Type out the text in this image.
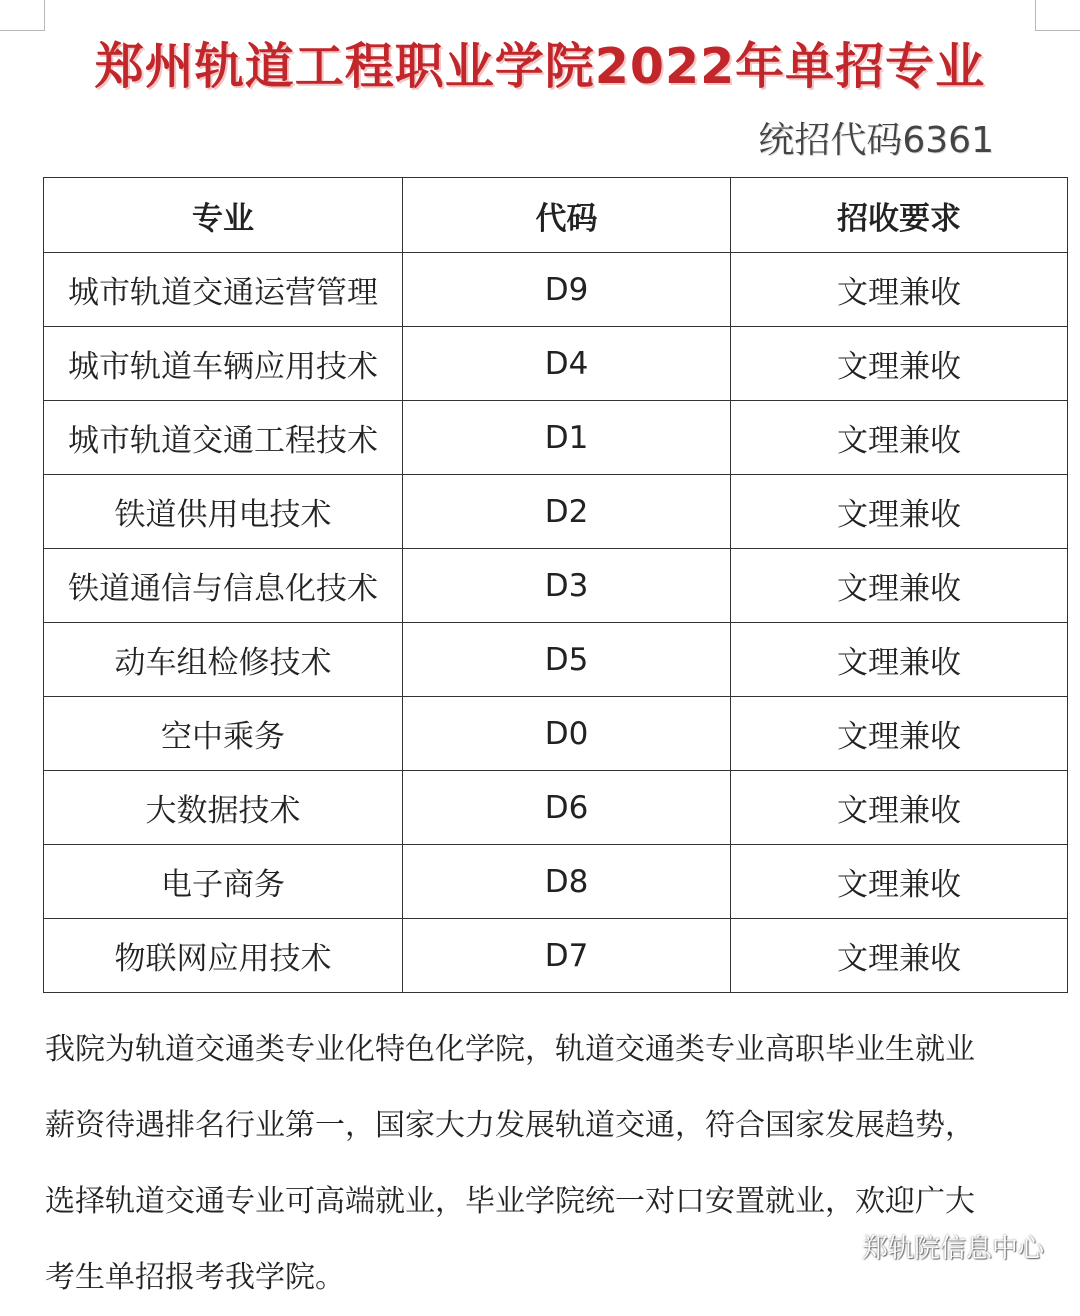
郑州轨道工程职业学院2022年单招专业
统招代码6361
专业	代码	招收要求
城市轨道交通运营管理	D9	文理兼收
城市轨道车辆应用技术	D4	文理兼收
城市轨道交通工程技术	D1	文理兼收
铁道供用电技术	D2	文理兼收
铁道通信与信息化技术	D3	文理兼收
动车组检修技术	D5	文理兼收
空中乘务	D0	文理兼收
大数据技术	D6	文理兼收
电子商务	D8	文理兼收
物联网应用技术	D7	文理兼收
我院为轨道交通类专业化特色化学院，轨道交通类专业高职毕业生就业
薪资待遇排名行业第一，国家大力发展轨道交通，符合国家发展趋势，
选择轨道交通专业可高端就业，毕业学院统一对口安置就业，欢迎广大
考生单招报考我学院。
郑轨院信息中心
